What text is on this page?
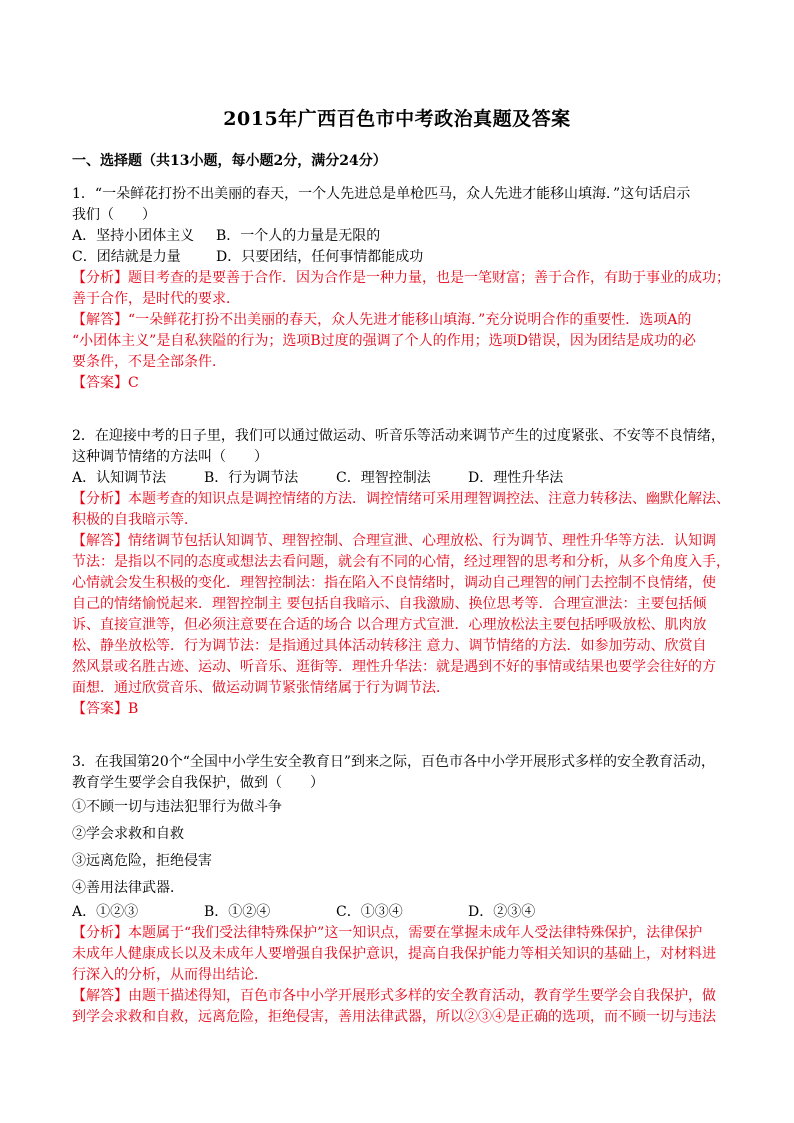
2015年广西百色市中考政治真题及答案
一、选择题（共13小题，每小题2分，满分24分）
1．“一朵鲜花打扮不出美丽的春天，一个人先进总是单枪匹马，众人先进才能移山填海．”这句话启示
我们（　　）
A．坚持小团体主义 B．一个人的力量是无限的
C．团结就是力量	D．只要团结，任何事情都能成功
【分析】题目考查的是要善于合作．因为合作是一种力量，也是一笔财富；善于合作，有助于事业的成功；
善于合作，是时代的要求．
【解答】“一朵鲜花打扮不出美丽的春天，众人先进才能移山填海．”充分说明合作的重要性．选项A的
“小团体主义”是自私狭隘的行为；选项B过度的强调了个人的作用；选项D错误，因为团结是成功的必
要条件，不是全部条件．
【答案】C
2．在迎接中考的日子里，我们可以通过做运动、听音乐等活动来调节产生的过度紧张、不安等不良情绪，
这种调节情绪的方法叫（　　）
A．认知调节法	B．行为调节法	C．理智控制法	D．理性升华法
【分析】本题考查的知识点是调控情绪的方法．调控情绪可采用理智调控法、注意力转移法、幽默化解法、
积极的自我暗示等．
【解答】情绪调节包括认知调节、理智控制、合理宣泄、心理放松、行为调节、理性升华等方法．认知调
节法：是指以不同的态度或想法去看问题，就会有不同的心情，经过理智的思考和分析，从多个角度入手，
心情就会发生积极的变化．理智控制法：指在陷入不良情绪时，调动自己理智的闸门去控制不良情绪，使
自己的情绪愉悦起来．理智控制主 要包括自我暗示、自我激励、换位思考等．合理宣泄法：主要包括倾
诉、直接宣泄等，但必须注意要在合适的场合 以合理方式宣泄．心理放松法主要包括呼吸放松、肌肉放
松、静坐放松等．行为调节法：是指通过具体活动转移注 意力、调节情绪的方法．如参加劳动、欣赏自
然风景或名胜古迹、运动、听音乐、逛街等．理性升华法：就是遇到不好的事情或结果也要学会往好的方
面想．通过欣赏音乐、做运动调节紧张情绪属于行为调节法．
【答案】B
3．在我国第20个“全国中小学生安全教育日”到来之际，百色市各中小学开展形式多样的安全教育活动，
教育学生要学会自我保护，做到（　　）
①不顾一切与违法犯罪行为做斗争
②学会求救和自救
③远离危险，拒绝侵害
④善用法律武器．
A．①②③	B．①②④	C．①③④	D．②③④
【分析】本题属于“我们受法律特殊保护”这一知识点，需要在掌握未成年人受法律特殊保护，法律保护
未成年人健康成长以及未成年人要增强自我保护意识，提高自我保护能力等相关知识的基础上，对材料进
行深入的分析，从而得出结论．
【解答】由题干描述得知，百色市各中小学开展形式多样的安全教育活动，教育学生要学会自我保护，做
到学会求救和自救，远离危险，拒绝侵害，善用法律武器，所以②③④是正确的选项，而不顾一切与违法
